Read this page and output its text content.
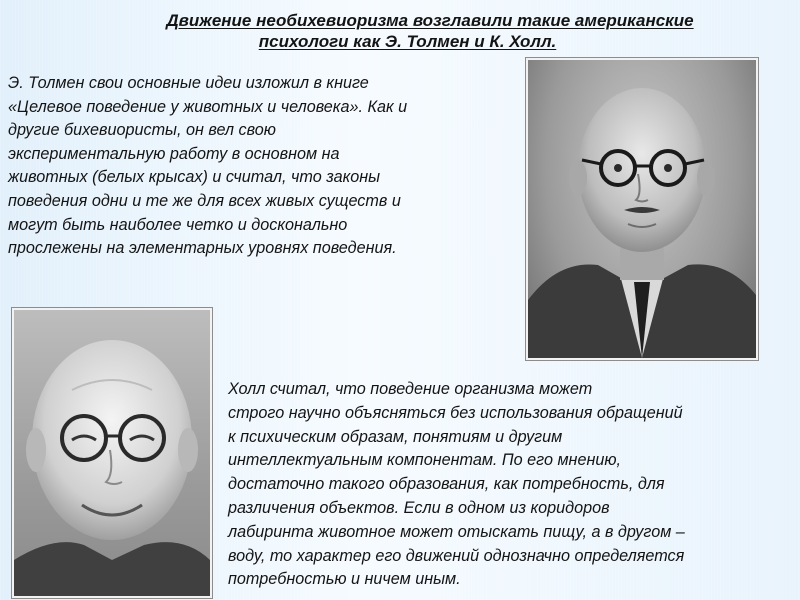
Движение необихевиоризма возглавили такие американские
психологи как Э. Толмен и К. Холл.
Э. Толмен свои основные идеи изложил в книге
«Целевое поведение у животных и человека». Как и
другие бихевиористы, он вел свою
экспериментальную работу в основном на
животных (белых крысах) и считал, что законы
поведения одни и те же для всех живых существ и
могут быть наиболее четко и досконально
прослежены на элементарных уровнях поведения.
Холл считал, что поведение организма может
строго научно объясняться без использования обращений
к психическим образам, понятиям и другим
интеллектуальным компонентам. По его мнению,
достаточно такого образования, как потребность, для
различения объектов. Если в одном из коридоров
лабиринта животное может отыскать пищу, а в другом –
воду, то характер его движений однозначно определяется
потребностью и ничем иным.
